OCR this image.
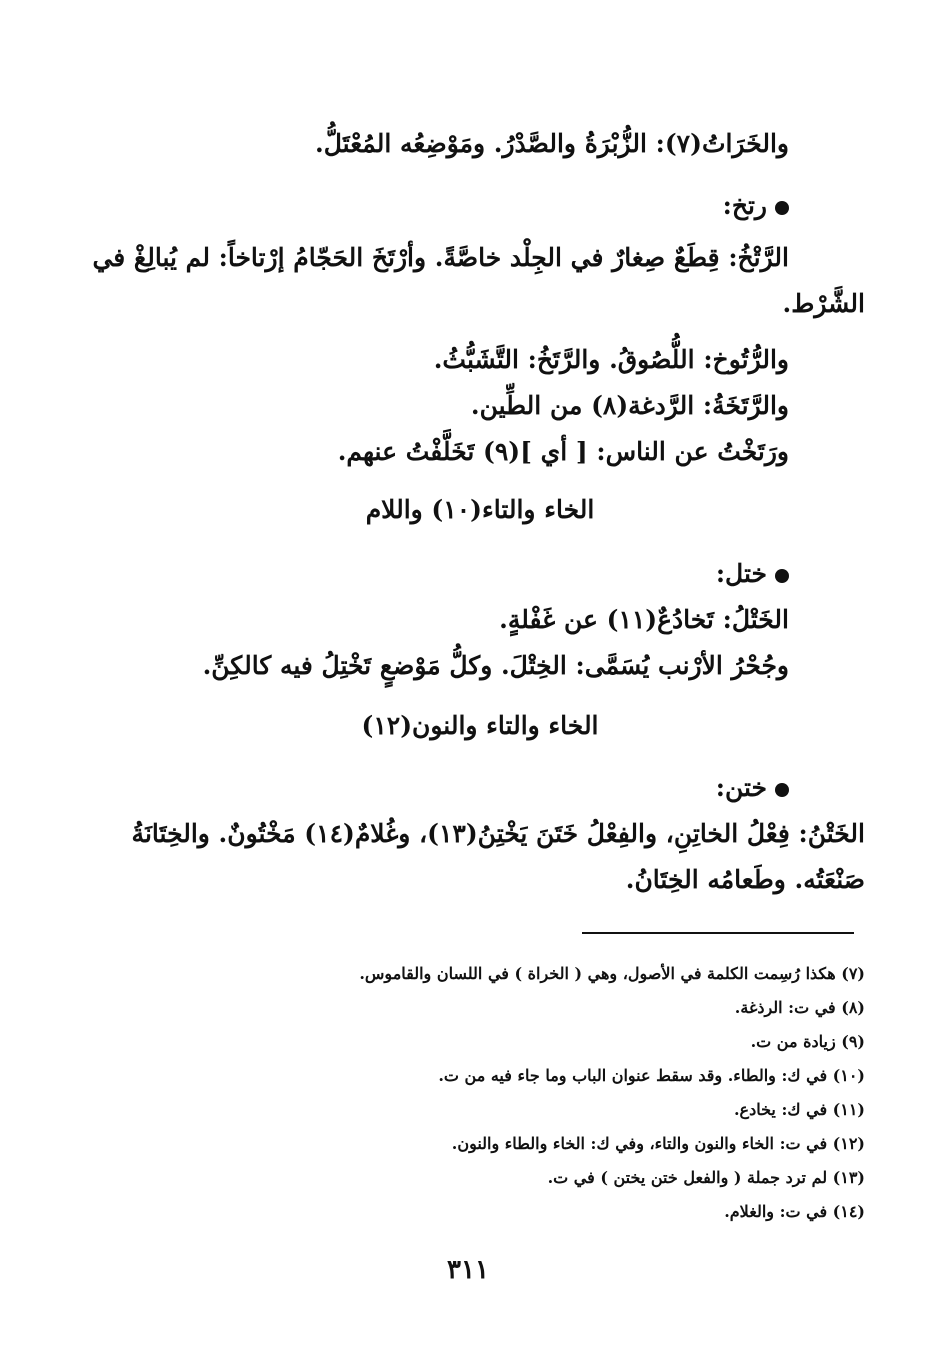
والخَرَاتُ(٧): الزُّبْرَةُ والصَّدْرُ. ومَوْضِعُه المُعْتَلُّ.
رتخ:
الرَّتْخُ: قِطَعٌ صِغارٌ في الجِلْد خاصَّةً. وأرْتَخَ الحَجّامُ إرْتاخاً: لم يُبالِغْ في
الشَّرْط.
والرُّتُوخ: اللُّصُوقُ. والرَّتَخُ: التَّشَبُّثُ.
والرَّتَخَةُ: الرَّدغة(٨) من الطِّين.
ورَتَخْتُ عن الناس: [ أي ](٩) تَخَلَّفْتُ عنهم.
الخاء والتاء(١٠) واللام
ختل:
الخَتْلُ: تَخادُعٌ(١١) عن غَفْلةٍ.
وجُحْرُ الأرْنب يُسَمَّى: الخِتْلَ. وكلُّ مَوْضعٍ تَخْتِلُ فيه كالكِنِّ.
الخاء والتاء والنون(١٢)
ختن:
الخَتْنُ: فِعْلُ الخاتِنِ، والفِعْلُ خَتَنَ يَخْتِنُ(١٣)، وغُلامٌ(١٤) مَخْتُونٌ. والخِتَانَةُ
صَنْعَتُه. وطَعامُه الخِتَانُ.
(٧) هكذا رُسِمت الكلمة في الأصول، وهي ( الخراة ) في اللسان والقاموس.
(٨) في ت: الرذغة.
(٩) زيادة من ت.
(١٠) في ك: والطاء. وقد سقط عنوان الباب وما جاء فيه من ت.
(١١) في ك: يخادع.
(١٢) في ت: الخاء والنون والتاء، وفي ك: الخاء والطاء والنون.
(١٣) لم ترد جملة ( والفعل ختن يختن ) في ت.
(١٤) في ت: والغلام.
٣١١
